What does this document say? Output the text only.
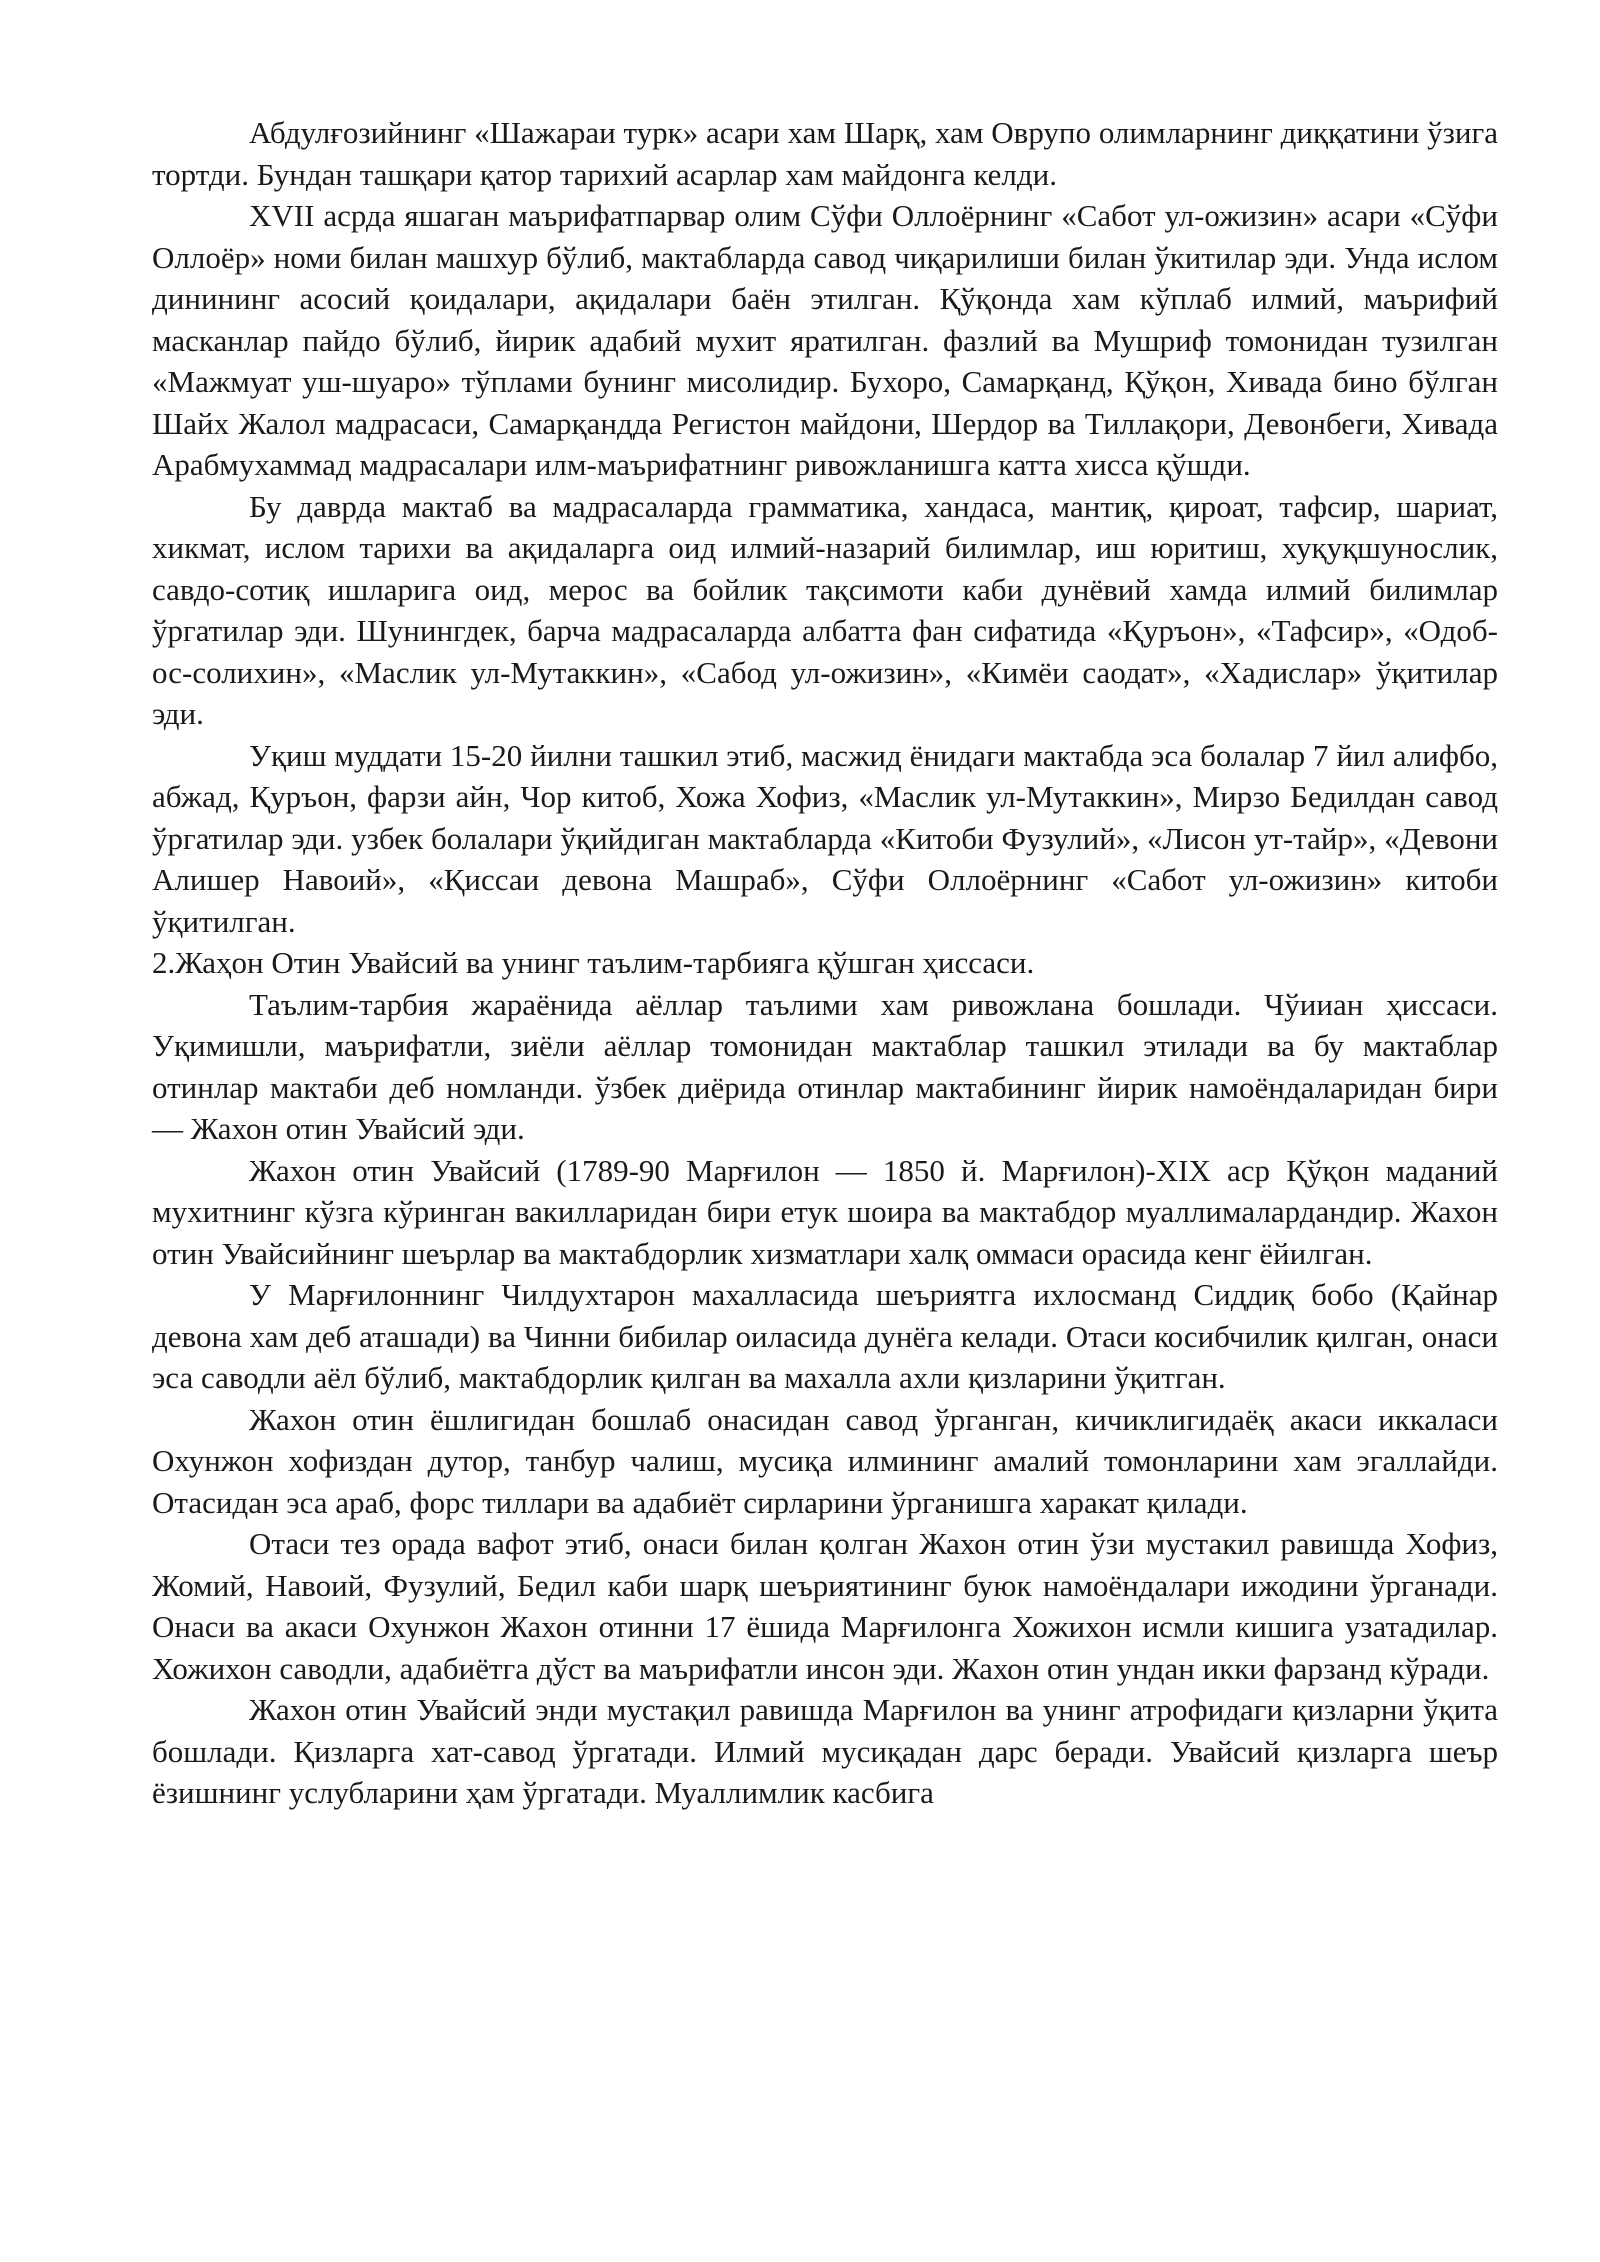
Абдулғозийнинг «Шажараи турк» асари хам Шарқ, хам Оврупо олимларнинг диққатини ўзига тортди. Бундан ташқари қатор тарихий асарлар хам майдонга келди.

XVII асрда яшаган маърифатпарвар олим Сўфи Оллоёрнинг «Сабот ул-ожизин» асари «Сўфи Оллоёр» номи билан машхур бўлиб, мактабларда савод чиқарилиши билан ўкитилар эди. Унда ислом динининг асосий қоидалари, ақидалари баён этилган. Қўқонда хам кўплаб илмий, маърифий масканлар пайдо бўлиб, йирик адабий мухит яратилган. фазлий ва Мушриф томонидан тузилган «Мажмуат уш-шуаро» тўплами бунинг мисолидир. Бухоро, Самарқанд, Қўқон, Хивада бино бўлган Шайх Жалол мадрасаси, Самарқандда Регистон майдони, Шердор ва Тиллақори, Девонбеги, Хивада Арабмухаммад мадрасалари илм-маърифатнинг ривожланишга катта хисса қўшди.

Бу даврда мактаб ва мадрасаларда грамматика, хандаса, мантиқ, қироат, тафсир, шариат, хикмат, ислом тарихи ва ақидаларга оид илмий-назарий билимлар, иш юритиш, хуқуқшунослик, савдо-сотиқ ишларига оид, мерос ва бойлик тақсимоти каби дунёвий хамда илмий билимлар ўргатилар эди. Шунингдек, барча мадрасаларда албатта фан сифатида «Қуръон», «Тафсир», «Одоб-ос-солихин», «Маслик ул-Мутаккин», «Сабод ул-ожизин», «Кимёи саодат», «Хадислар» ўқитилар эди.

Уқиш муддати 15-20 йилни ташкил этиб, масжид ёнидаги мактабда эса болалар 7 йил алифбо, абжад, Қуръон, фарзи айн, Чор китоб, Хожа Хофиз, «Маслик ул-Мутаккин», Мирзо Бедилдан савод ўргатилар эди. узбек болалари ўқийдиган мактабларда «Китоби Фузулий», «Лисон ут-тайр», «Девони Алишер Навоий», «Қиссаи девона Машраб», Сўфи Оллоёрнинг «Сабот ул-ожизин» китоби ўқитилган.

2.Жаҳон Отин Увайсий ва унинг таълим-тарбияга қўшган ҳиссаси.

Таълим-тарбия жараёнида аёллар таълими хам ривожлана бошлади. Чўииан ҳиссаси. Уқимишли, маърифатли, зиёли аёллар томонидан мактаблар ташкил этилади ва бу мактаблар отинлар мактаби деб номланди. ўзбек диёрида отинлар мактабининг йирик намоёндаларидан бири — Жахон отин Увайсий эди.

Жахон отин Увайсий (1789-90 Марғилон — 1850 й. Марғилон)-XIX аср Қўқон маданий мухитнинг кўзга кўринган вакилларидан бири етук шоира ва мактабдор муаллималардандир. Жахон отин Увайсийнинг шеърлар ва мактабдорлик хизматлари халқ оммаси орасида кенг ёйилган.

У Марғилоннинг Чилдухтарон махалласида шеъриятга ихлосманд Сиддиқ бобо (Қайнар девона хам деб аташади) ва Чинни бибилар оиласида дунёга келади. Отаси косибчилик қилган, онаси эса саводли аёл бўлиб, мактабдорлик қилган ва махалла ахли қизларини ўқитган.

Жахон отин ёшлигидан бошлаб онасидан савод ўрганган, кичиклигидаёқ акаси иккаласи Охунжон хофиздан дутор, танбур чалиш, мусиқа илмининг амалий томонларини хам эгаллайди. Отасидан эса араб, форс тиллари ва адабиёт сирларини ўрганишга харакат қилади.

Отаси тез орада вафот этиб, онаси билан қолган Жахон отин ўзи мустакил равишда Хофиз, Жомий, Навоий, Фузулий, Бедил каби шарқ шеъриятининг буюк намоёндалари ижодини ўрганади. Онаси ва акаси Охунжон Жахон отинни 17 ёшида Марғилонга Хожихон исмли кишига узатадилар. Хожихон саводли, адабиётга дўст ва маърифатли инсон эди. Жахон отин ундан икки фарзанд кўради.

Жахон отин Увайсий энди мустақил равишда Марғилон ва унинг атрофидаги қизларни ўқита бошлади. Қизларга хат-савод ўргатади. Илмий мусиқадан дарс беради. Увайсий қизларга шеър ёзишнинг услубларини ҳам ўргатади. Муаллимлик касбига
